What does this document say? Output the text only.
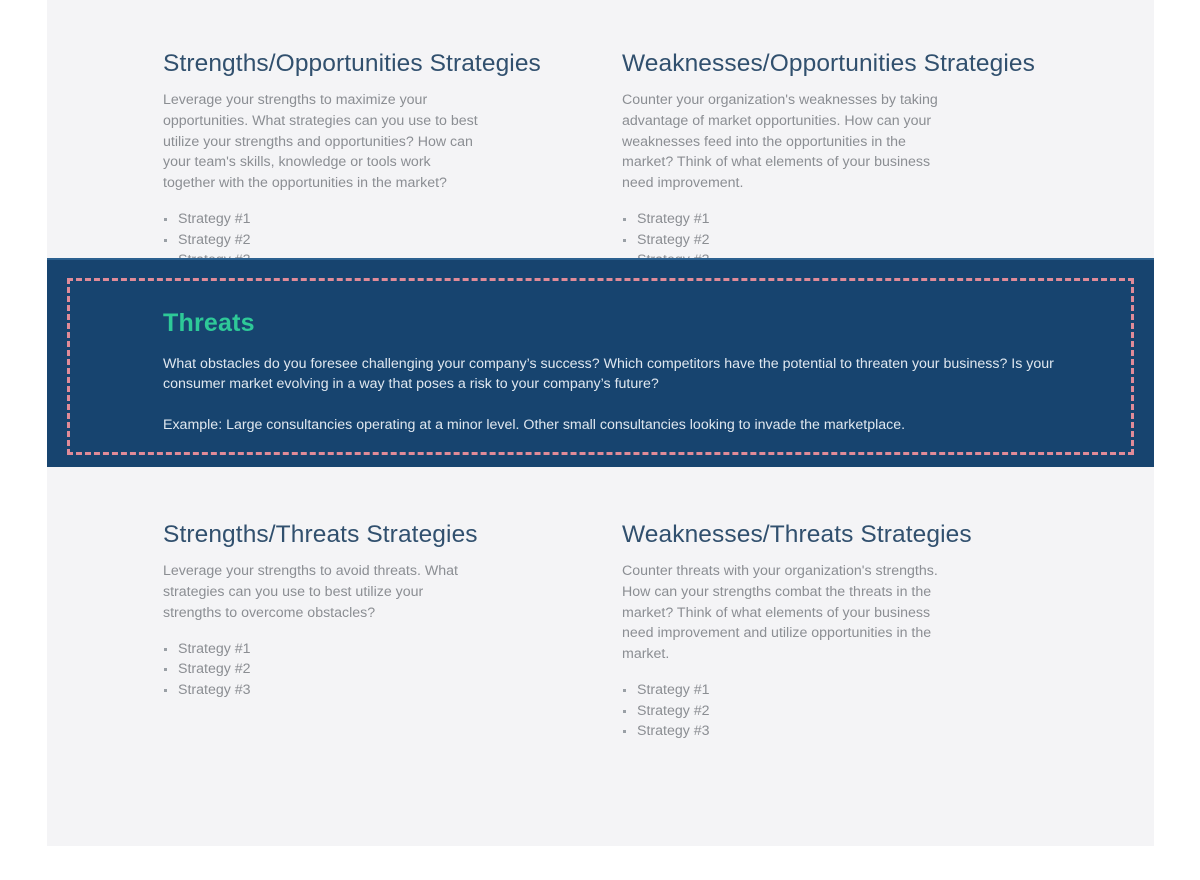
Strengths/Opportunities Strategies

Leverage your strengths to maximize your opportunities. What strategies can you use to best utilize your strengths and opportunities? How can your team's skills, knowledge or tools work together with the opportunities in the market?

Strategy #1
Strategy #2
Weaknesses/Opportunities Strategies

Counter your organization's weaknesses by taking advantage of market opportunities. How can your weaknesses feed into the opportunities in the market? Think of what elements of your business need improvement.

Strategy #1
Strategy #2
Threats

What obstacles do you foresee challenging your company’s success? Which competitors have the potential to threaten your business? Is your consumer market evolving in a way that poses a risk to your company’s future?

Example: Large consultancies operating at a minor level. Other small consultancies looking to invade the marketplace.

Strengths/Threats Strategies

Leverage your strengths to avoid threats. What strategies can you use to best utilize your strengths to overcome obstacles?

Strategy #1
Strategy #2
Strategy #3
Weaknesses/Threats Strategies

Counter threats with your organization's strengths. How can your strengths combat the threats in the market? Think of what elements of your business need improvement and utilize opportunities in the market.

Strategy #1
Strategy #2
Strategy #3
